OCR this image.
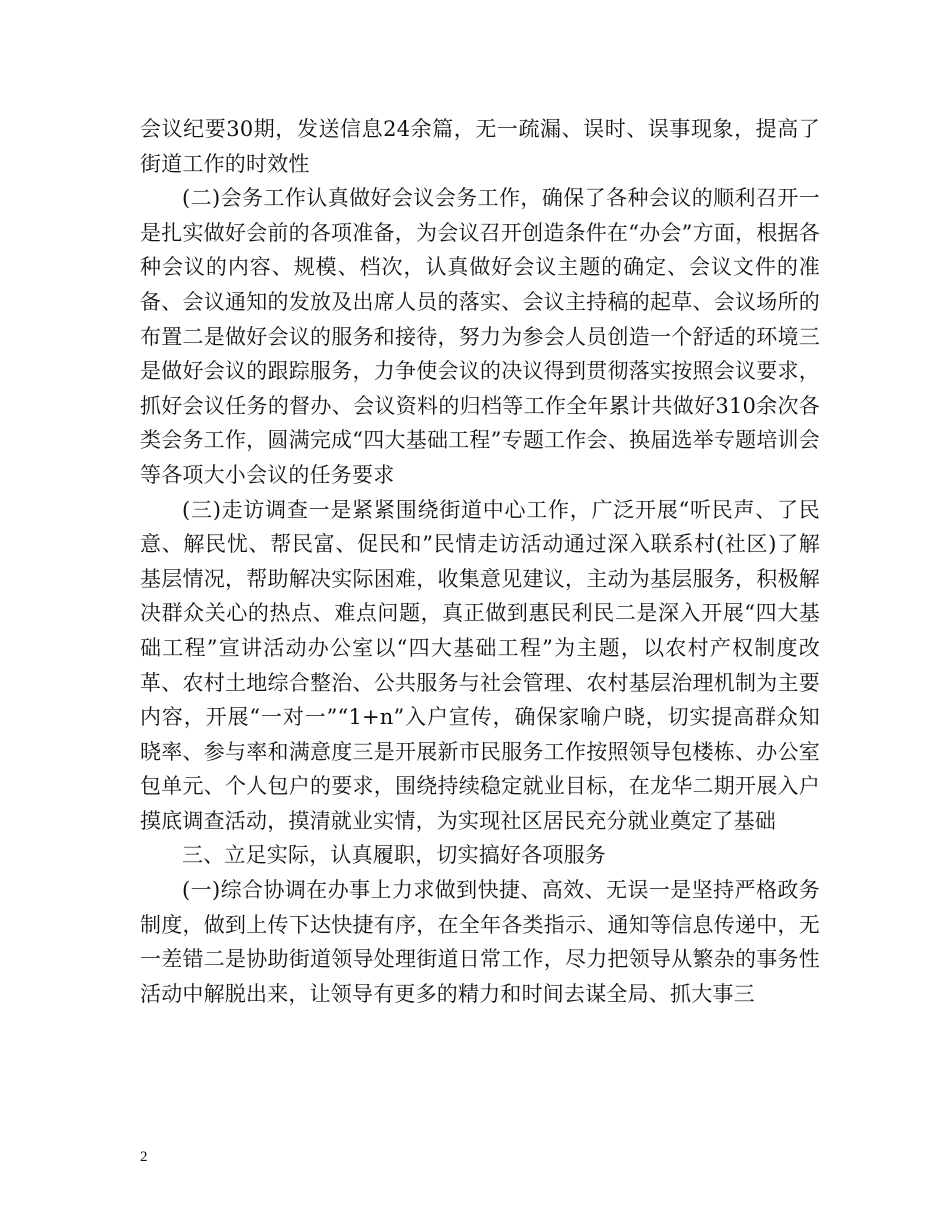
会议纪要30期，发送信息24余篇，无一疏漏、误时、误事现象，提高了街道工作的时效性

(二)会务工作认真做好会议会务工作，确保了各种会议的顺利召开一是扎实做好会前的各项准备，为会议召开创造条件在“办会”方面，根据各种会议的内容、规模、档次，认真做好会议主题的确定、会议文件的准备、会议通知的发放及出席人员的落实、会议主持稿的起草、会议场所的布置二是做好会议的服务和接待，努力为参会人员创造一个舒适的环境三是做好会议的跟踪服务，力争使会议的决议得到贯彻落实按照会议要求，抓好会议任务的督办、会议资料的归档等工作全年累计共做好310余次各类会务工作，圆满完成“四大基础工程”专题工作会、换届选举专题培训会等各项大小会议的任务要求

(三)走访调查一是紧紧围绕街道中心工作，广泛开展“听民声、了民意、解民忧、帮民富、促民和”民情走访活动通过深入联系村(社区)了解基层情况，帮助解决实际困难，收集意见建议，主动为基层服务，积极解决群众关心的热点、难点问题，真正做到惠民利民二是深入开展“四大基础工程”宣讲活动办公室以“四大基础工程”为主题，以农村产权制度改革、农村土地综合整治、公共服务与社会管理、农村基层治理机制为主要内容，开展“一对一”“1+n”入户宣传，确保家喻户晓，切实提高群众知晓率、参与率和满意度三是开展新市民服务工作按照领导包楼栋、办公室包单元、个人包户的要求，围绕持续稳定就业目标，在龙华二期开展入户摸底调查活动，摸清就业实情，为实现社区居民充分就业奠定了基础

三、立足实际，认真履职，切实搞好各项服务

(一)综合协调在办事上力求做到快捷、高效、无误一是坚持严格政务制度，做到上传下达快捷有序，在全年各类指示、通知等信息传递中，无一差错二是协助街道领导处理街道日常工作，尽力把领导从繁杂的事务性活动中解脱出来，让领导有更多的精力和时间去谋全局、抓大事三

2
